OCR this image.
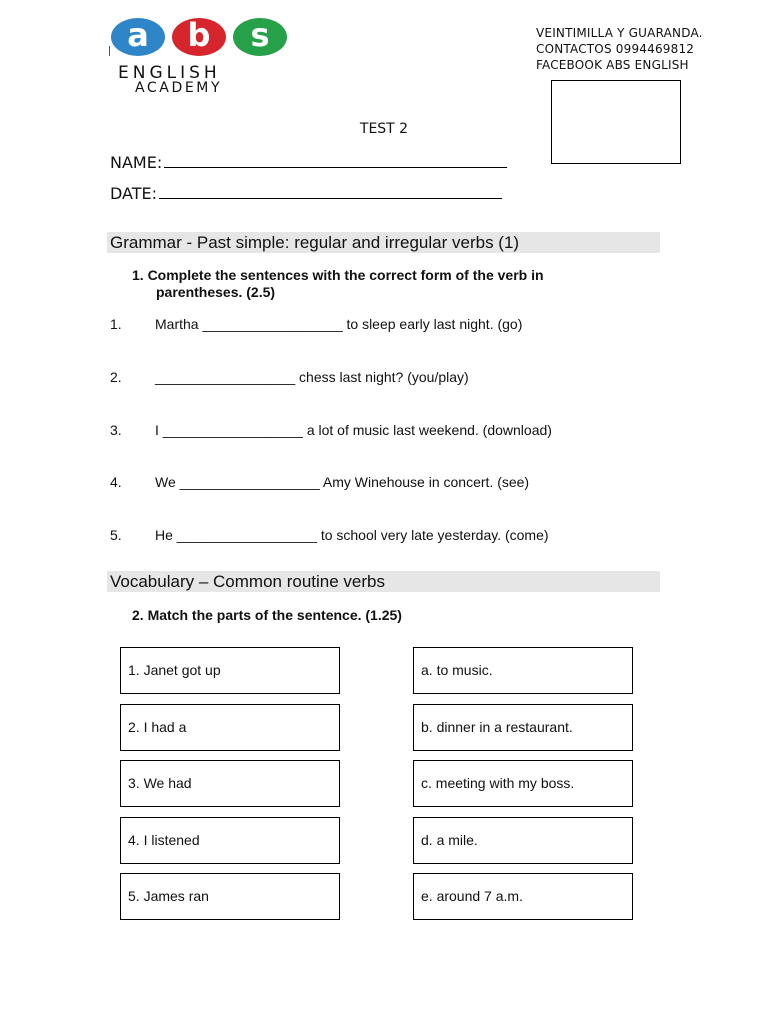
a	b	s
ENGLISH
ACADEMY
VEINTIMILLA Y GUARANDA.
CONTACTOS 0994469812
FACEBOOK ABS ENGLISH
TEST 2
NAME:
DATE:
Grammar - Past simple: regular and irregular verbs (1)
1. Complete the sentences with the correct form of the verb in
parentheses. (2.5)
1. Martha __________________ to sleep early last night. (go)
2. __________________ chess last night? (you/play)
3. I __________________ a lot of music last weekend. (download)
4. We __________________ Amy Winehouse in concert. (see)
5. He __________________ to school very late yesterday. (come)
Vocabulary – Common routine verbs
2. Match the parts of the sentence. (1.25)
1. Janet got up
2. I had a
3. We had
4. I listened
5. James ran
a. to music.
b. dinner in a restaurant.
c. meeting with my boss.
d. a mile.
e. around 7 a.m.
